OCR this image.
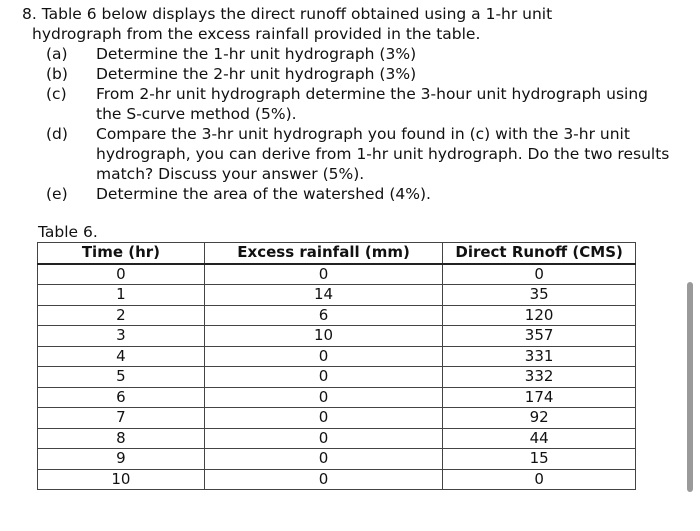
8. Table 6 below displays the direct runoff obtained using a 1-hr unit
hydrograph from the excess rainfall provided in the table.
(a)	Determine the 1-hr unit hydrograph (3%)
(b)	Determine the 2-hr unit hydrograph (3%)
(c)	From 2-hr unit hydrograph determine the 3-hour unit hydrograph using the S-curve method (5%).
(d)	Compare the 3-hr unit hydrograph you found in (c) with the 3-hr unit hydrograph, you can derive from 1-hr unit hydrograph. Do the two results match? Discuss your answer (5%).
(e)	Determine the area of the watershed (4%).
Table 6.
Time (hr)	Excess rainfall (mm)	Direct Runoff (CMS)
0	0	0
1	14	35
2	6	120
3	10	357
4	0	331
5	0	332
6	0	174
7	0	92
8	0	44
9	0	15
10	0	0
